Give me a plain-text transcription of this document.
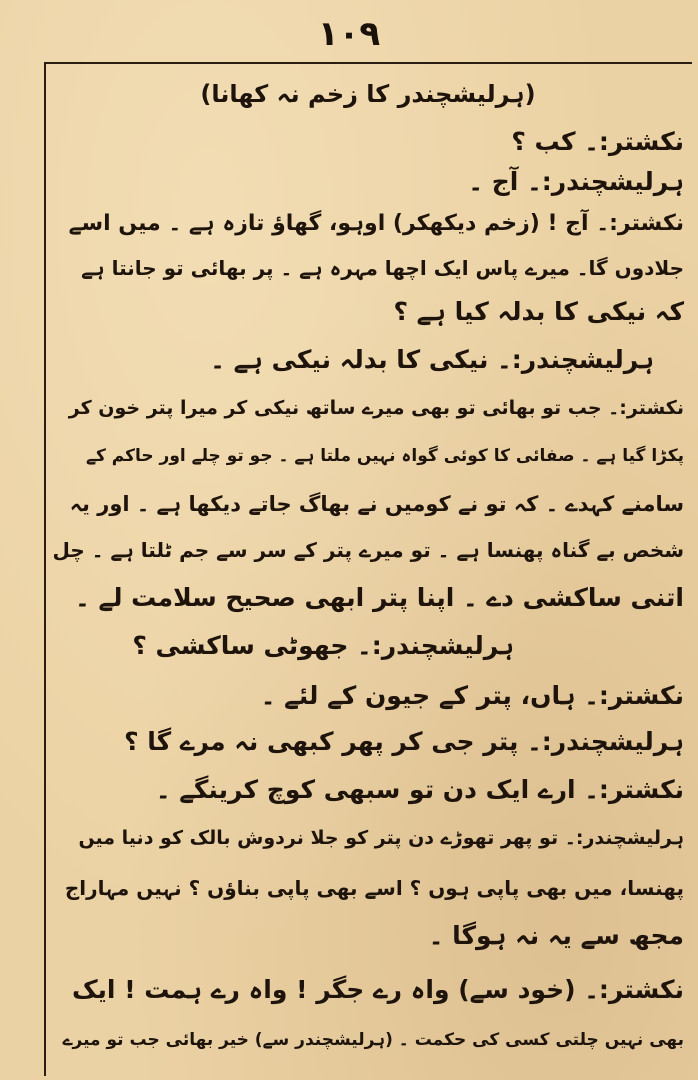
۱۰۹
(ہرلیشچندر کا زخم نہ کھانا)
نکشتر:۔ کب ؟
ہرلیشچندر:۔ آج ۔
نکشتر:۔ آج ! (زخم دیکھکر) اوہو، گھاؤ تازہ ہے ۔ میں اسے
جلادوں گا۔ میرے پاس ایک اچھا مہرہ ہے ۔ پر بھائی تو جانتا ہے
کہ نیکی کا بدلہ کیا ہے ؟
ہرلیشچندر:۔ نیکی کا بدلہ نیکی ہے ۔
نکشتر:۔ جب تو بھائی تو بھی میرے ساتھ نیکی کر میرا پتر خون کر
پکڑا گیا ہے ۔ صفائی کا کوئی گواہ نہیں ملتا ہے ۔ جو تو چلے اور حاکم کے
سامنے کہدے ۔ کہ تو نے کومیں نے بھاگ جاتے دیکھا ہے ۔ اور یہ
شخص بے گناہ پھنسا ہے ۔ تو میرے پتر کے سر سے جم ٹلتا ہے ۔ چل
اتنی ساکشی دے ۔ اپنا پتر ابھی صحیح سلامت لے ۔
ہرلیشچندر:۔ جھوٹی ساکشی ؟
نکشتر:۔ ہاں، پتر کے جیون کے لئے ۔
ہرلیشچندر:۔ پتر جی کر پھر کبھی نہ مرے گا ؟
نکشتر:۔ ارے ایک دن تو سبھی کوچ کرینگے ۔
ہرلیشچندر:۔ تو پھر تھوڑے دن پتر کو جلا نردوش بالک کو دنیا میں
پھنسا، میں بھی پاپی ہوں ؟ اسے بھی پاپی بناؤں ؟ نہیں مہاراج
مجھ سے یہ نہ ہوگا ۔
نکشتر:۔ (خود سے) واہ رے جگر ! واہ رے ہمت ! ایک
بھی نہیں چلتی کسی کی حکمت ۔ (ہرلیشچندر سے) خیر بھائی جب تو میرے
